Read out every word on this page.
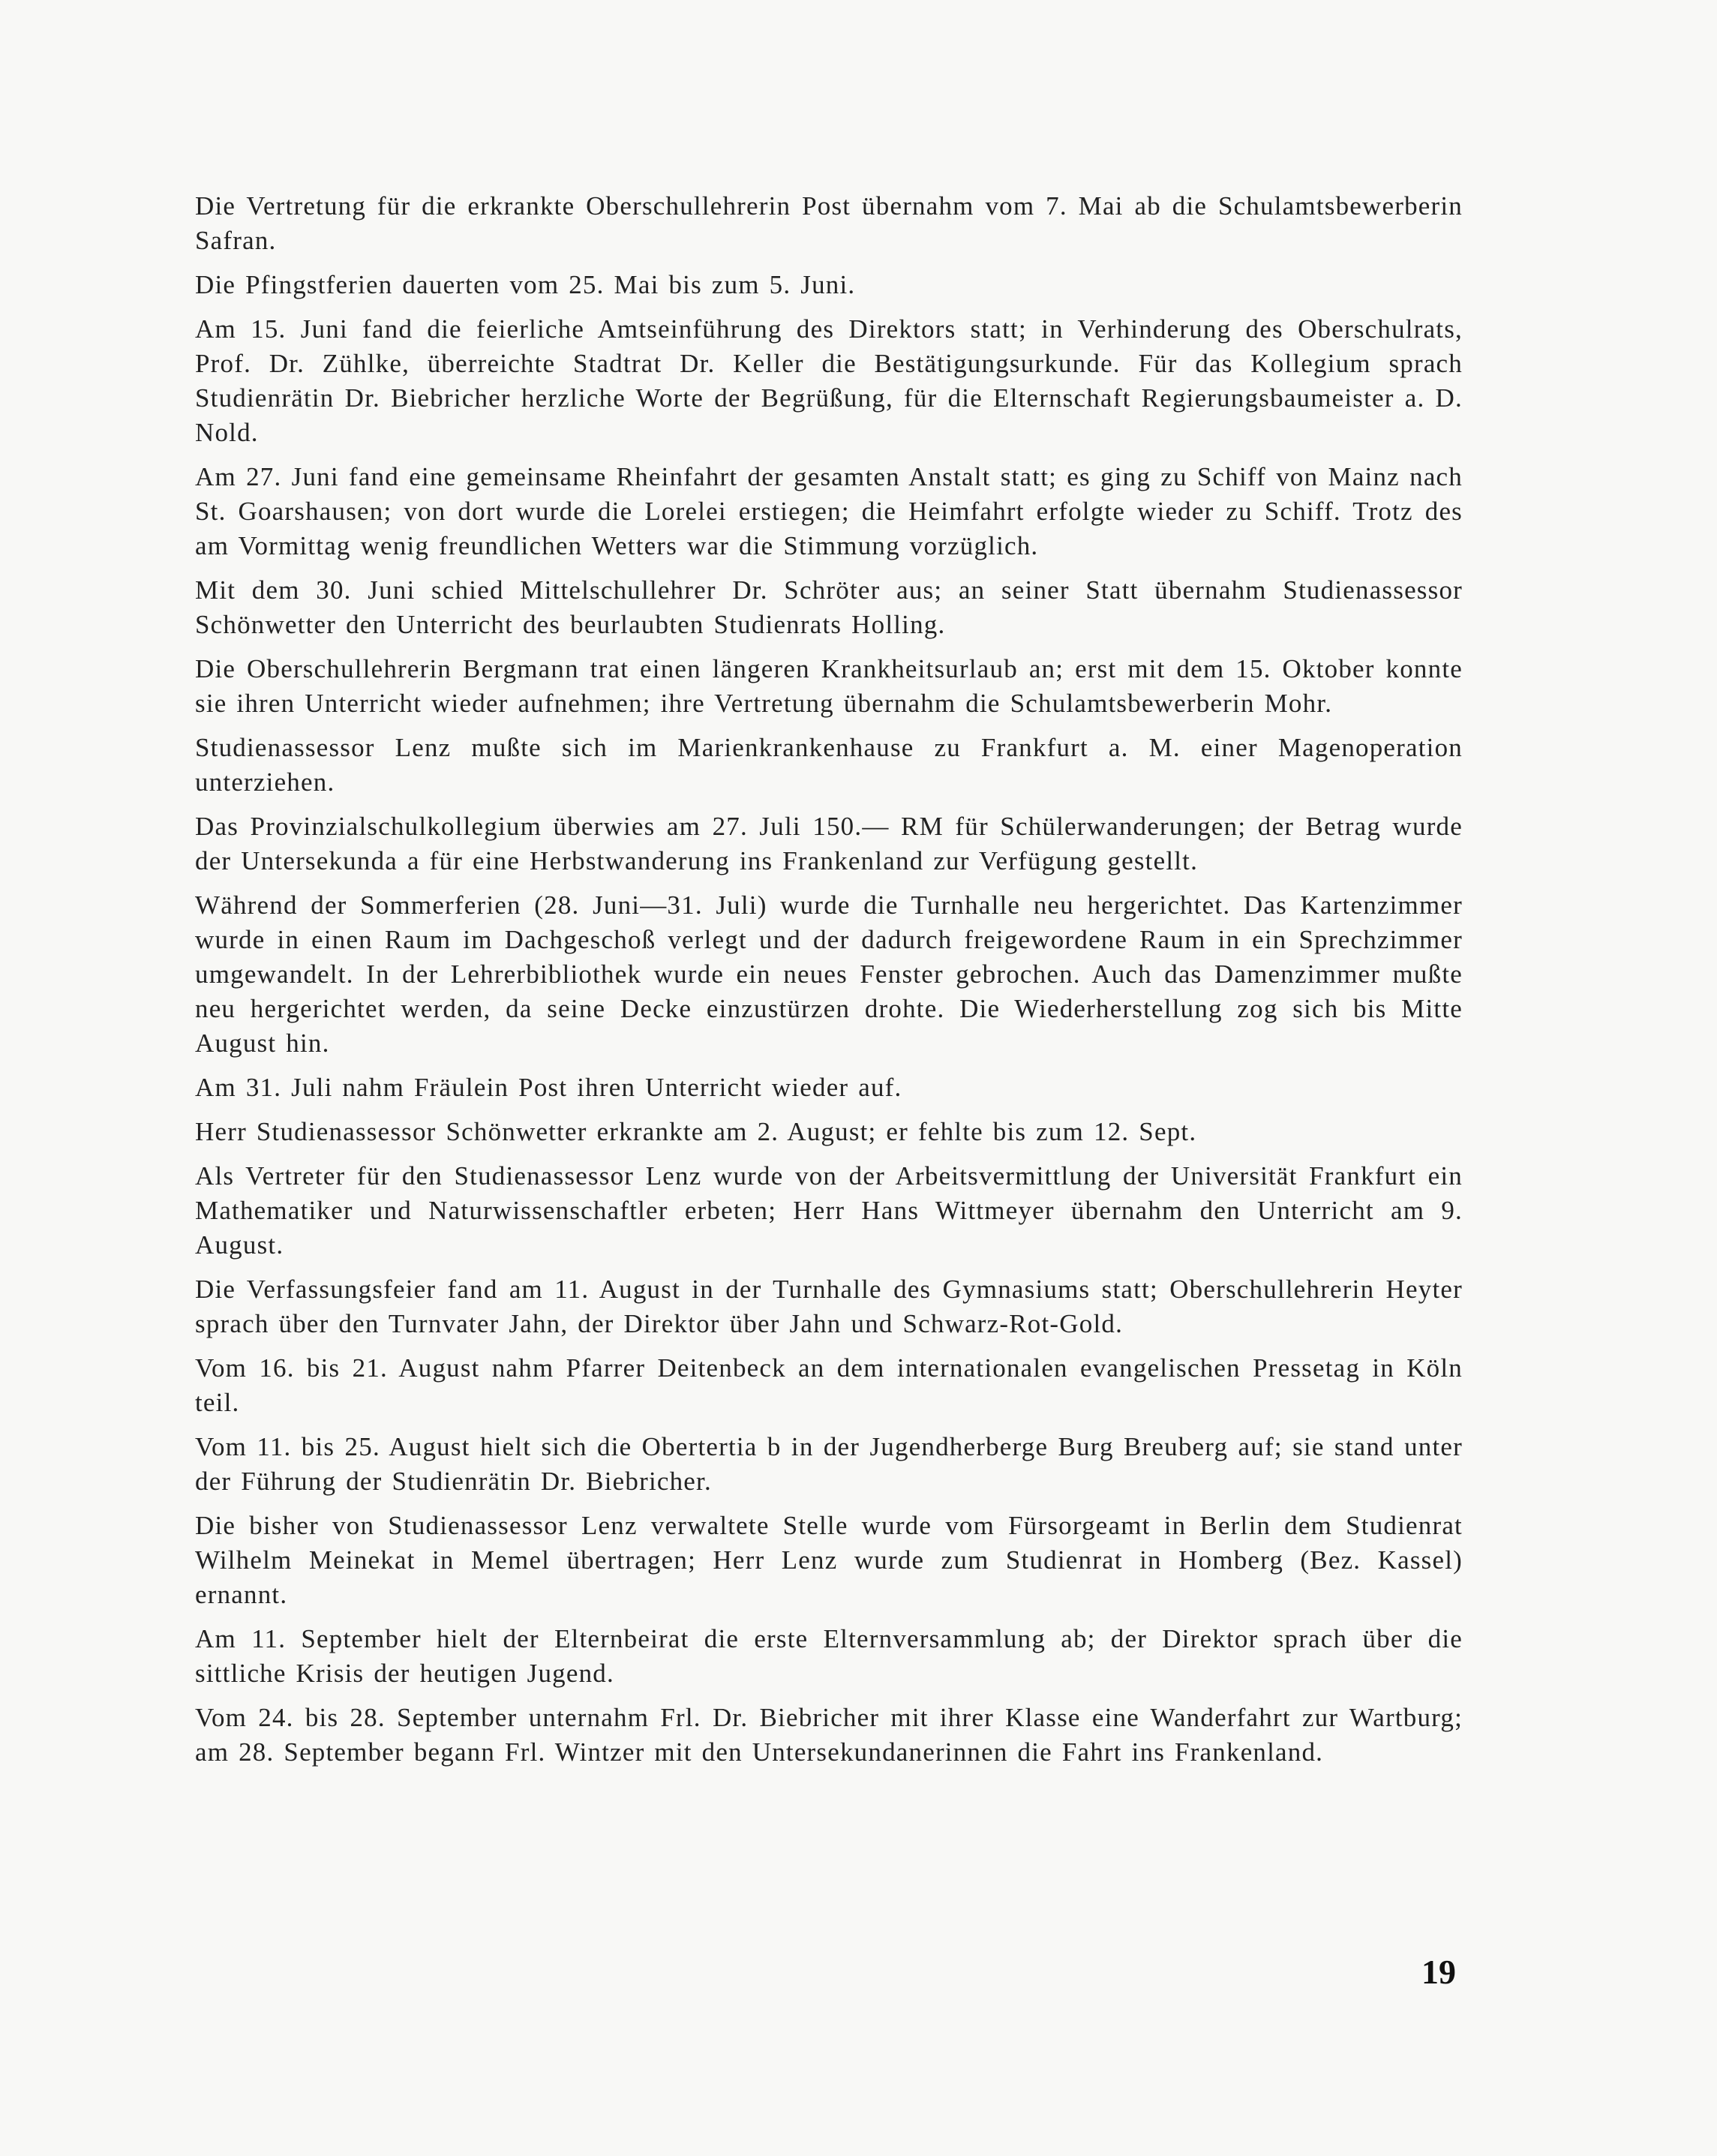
Die Vertretung für die erkrankte Oberschullehrerin Post übernahm vom 7. Mai ab die Schulamtsbewerberin Safran.

Die Pfingstferien dauerten vom 25. Mai bis zum 5. Juni.

Am 15. Juni fand die feierliche Amtseinführung des Direktors statt; in Verhinderung des Oberschulrats, Prof. Dr. Zühlke, überreichte Stadtrat Dr. Keller die Bestätigungsurkunde. Für das Kollegium sprach Studienrätin Dr. Biebricher herzliche Worte der Begrüßung, für die Elternschaft Regierungsbaumeister a. D. Nold.

Am 27. Juni fand eine gemeinsame Rheinfahrt der gesamten Anstalt statt; es ging zu Schiff von Mainz nach St. Goarshausen; von dort wurde die Lorelei erstiegen; die Heimfahrt erfolgte wieder zu Schiff. Trotz des am Vormittag wenig freundlichen Wetters war die Stimmung vorzüglich.

Mit dem 30. Juni schied Mittelschullehrer Dr. Schröter aus; an seiner Statt übernahm Studienassessor Schönwetter den Unterricht des beurlaubten Studienrats Holling.

Die Oberschullehrerin Bergmann trat einen längeren Krankheitsurlaub an; erst mit dem 15. Oktober konnte sie ihren Unterricht wieder aufnehmen; ihre Vertretung übernahm die Schulamtsbewerberin Mohr.

Studienassessor Lenz mußte sich im Marienkrankenhause zu Frankfurt a. M. einer Magenoperation unterziehen.

Das Provinzialschulkollegium überwies am 27. Juli 150.— RM für Schülerwanderungen; der Betrag wurde der Untersekunda a für eine Herbstwanderung ins Frankenland zur Verfügung gestellt.

Während der Sommerferien (28. Juni—31. Juli) wurde die Turnhalle neu hergerichtet. Das Kartenzimmer wurde in einen Raum im Dachgeschoß verlegt und der dadurch freigewordene Raum in ein Sprechzimmer umgewandelt. In der Lehrerbibliothek wurde ein neues Fenster gebrochen. Auch das Damenzimmer mußte neu hergerichtet werden, da seine Decke einzustürzen drohte. Die Wiederherstellung zog sich bis Mitte August hin.

Am 31. Juli nahm Fräulein Post ihren Unterricht wieder auf.

Herr Studienassessor Schönwetter erkrankte am 2. August; er fehlte bis zum 12. Sept.

Als Vertreter für den Studienassessor Lenz wurde von der Arbeitsvermittlung der Universität Frankfurt ein Mathematiker und Naturwissenschaftler erbeten; Herr Hans Wittmeyer übernahm den Unterricht am 9. August.

Die Verfassungsfeier fand am 11. August in der Turnhalle des Gymnasiums statt; Oberschullehrerin Heyter sprach über den Turnvater Jahn, der Direktor über Jahn und Schwarz-Rot-Gold.

Vom 16. bis 21. August nahm Pfarrer Deitenbeck an dem internationalen evangelischen Pressetag in Köln teil.

Vom 11. bis 25. August hielt sich die Obertertia b in der Jugendherberge Burg Breuberg auf; sie stand unter der Führung der Studienrätin Dr. Biebricher.

Die bisher von Studienassessor Lenz verwaltete Stelle wurde vom Fürsorgeamt in Berlin dem Studienrat Wilhelm Meinekat in Memel übertragen; Herr Lenz wurde zum Studienrat in Homberg (Bez. Kassel) ernannt.

Am 11. September hielt der Elternbeirat die erste Elternversammlung ab; der Direktor sprach über die sittliche Krisis der heutigen Jugend.

Vom 24. bis 28. September unternahm Frl. Dr. Biebricher mit ihrer Klasse eine Wanderfahrt zur Wartburg; am 28. September begann Frl. Wintzer mit den Untersekundanerinnen die Fahrt ins Frankenland.

19
